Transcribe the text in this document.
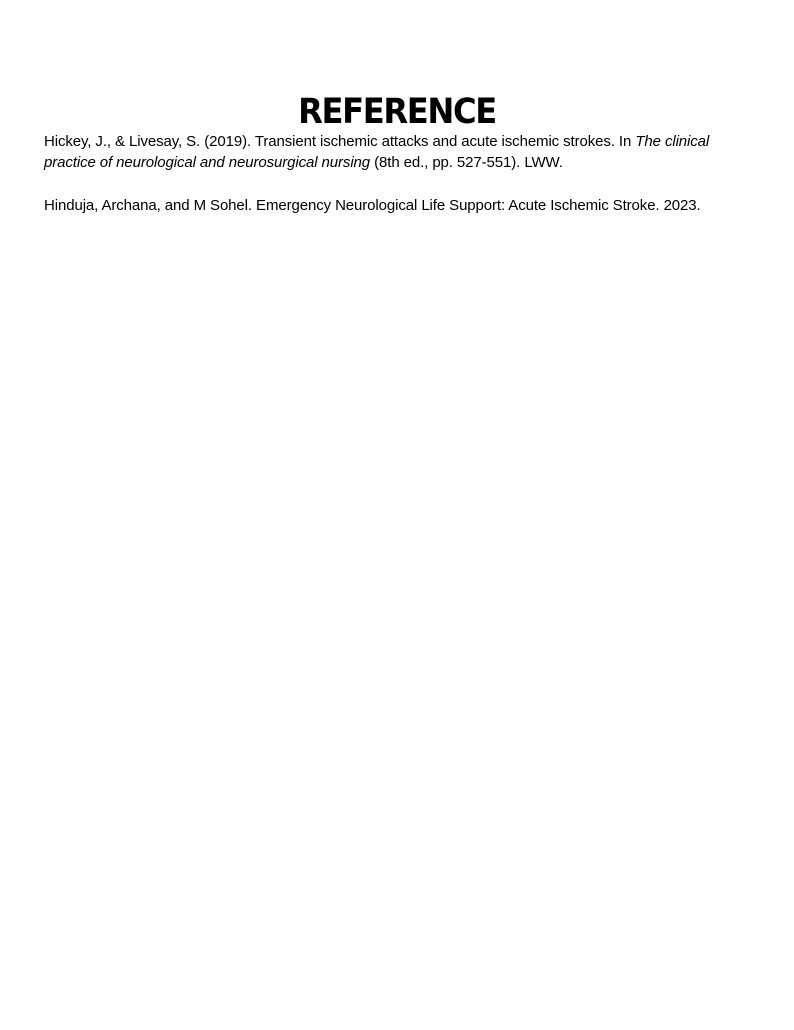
REFERENCE

Hickey, J., & Livesay, S. (2019). Transient ischemic attacks and acute ischemic strokes. In The clinical practice of neurological and neurosurgical nursing (8th ed., pp. 527-551). LWW.

Hinduja, Archana, and M Sohel. Emergency Neurological Life Support: Acute Ischemic Stroke. 2023.
